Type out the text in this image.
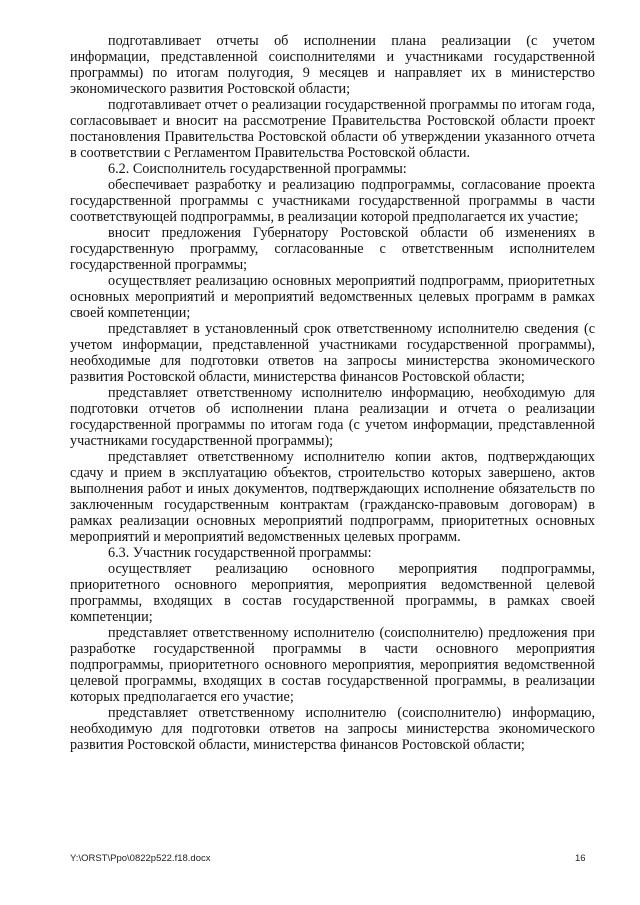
подготавливает отчеты об исполнении плана реализации (с учетом информации, представленной соисполнителями и участниками государственной программы) по итогам полугодия, 9 месяцев и направляет их в министерство экономического развития Ростовской области;

подготавливает отчет о реализации государственной программы по итогам года, согласовывает и вносит на рассмотрение Правительства Ростовской области проект постановления Правительства Ростовской области об утверждении указанного отчета в соответствии с Регламентом Правительства Ростовской области.

6.2. Соисполнитель государственной программы:

обеспечивает разработку и реализацию подпрограммы, согласование проекта государственной программы с участниками государственной программы в части соответствующей подпрограммы, в реализации которой предполагается их участие;

вносит предложения Губернатору Ростовской области об изменениях в государственную программу, согласованные с ответственным исполнителем государственной программы;

осуществляет реализацию основных мероприятий подпрограмм, приоритетных основных мероприятий и мероприятий ведомственных целевых программ в рамках своей компетенции;

представляет в установленный срок ответственному исполнителю сведения (с учетом информации, представленной участниками государственной программы), необходимые для подготовки ответов на запросы министерства экономического развития Ростовской области, министерства финансов Ростовской области;

представляет ответственному исполнителю информацию, необходимую для подготовки отчетов об исполнении плана реализации и отчета о реализации государственной программы по итогам года (с учетом информации, представленной участниками государственной программы);

представляет ответственному исполнителю копии актов, подтверждающих сдачу и прием в эксплуатацию объектов, строительство которых завершено, актов выполнения работ и иных документов, подтверждающих исполнение обязательств по заключенным государственным контрактам (гражданско-правовым договорам) в рамках реализации основных мероприятий подпрограмм, приоритетных основных мероприятий и мероприятий ведомственных целевых программ.

6.3. Участник государственной программы:

осуществляет реализацию основного мероприятия подпрограммы, приоритетного основного мероприятия, мероприятия ведомственной целевой программы, входящих в состав государственной программы, в рамках своей компетенции;

представляет ответственному исполнителю (соисполнителю) предложения при разработке государственной программы в части основного мероприятия подпрограммы, приоритетного основного мероприятия, мероприятия ведомственной целевой программы, входящих в состав государственной программы, в реализации которых предполагается его участие;

представляет ответственному исполнителю (соисполнителю) информацию, необходимую для подготовки ответов на запросы министерства экономического развития Ростовской области, министерства финансов Ростовской области;

Y:\ORST\Ppo\0822p522.f18.docx	16
